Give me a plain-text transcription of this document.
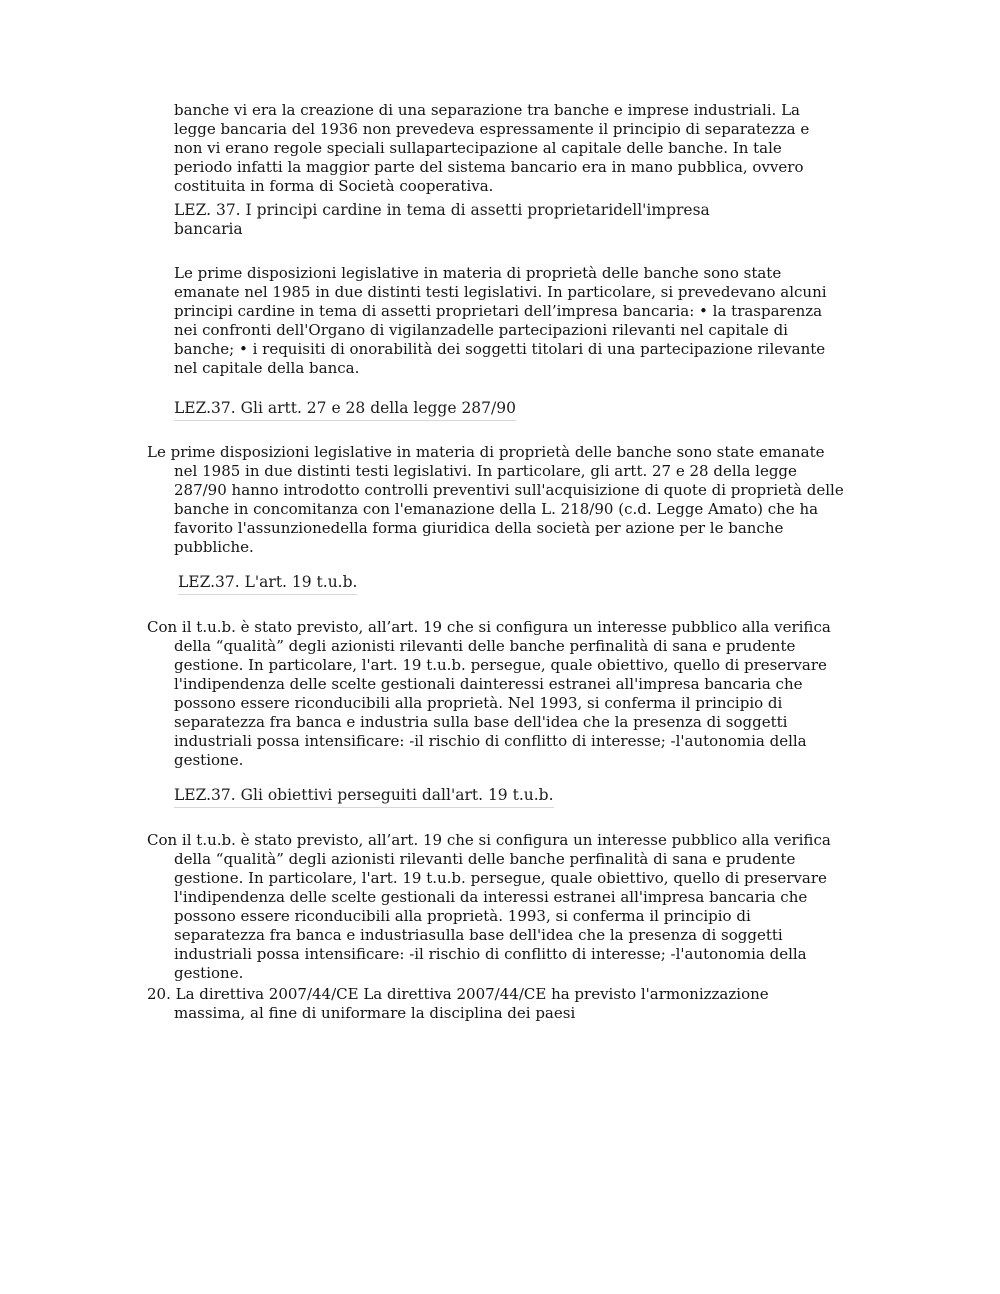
banche vi era la creazione di una separazione tra banche e imprese industriali. La legge bancaria del 1936 non prevedeva espressamente il principio di separatezza e non vi erano regole speciali sullapartecipazione al capitale delle banche. In tale periodo infatti la maggior parte del sistema bancario era in mano pubblica, ovvero costituita in forma di Società cooperativa.
LEZ. 37. I principi cardine in tema di assetti proprietaridell'impresa bancaria
Le prime disposizioni legislative in materia di proprietà delle banche sono state emanate nel 1985 in due distinti testi legislativi. In particolare, si prevedevano alcuni principi cardine in tema di assetti proprietari dell’impresa bancaria: • la trasparenza nei confronti dell'Organo di vigilanzadelle partecipazioni rilevanti nel capitale di banche; • i requisiti di onorabilità dei soggetti titolari di una partecipazione rilevante nel capitale della banca.
LEZ.37. Gli artt. 27 e 28 della legge 287/90
Le prime disposizioni legislative in materia di proprietà delle banche sono state emanate nel 1985 in due distinti testi legislativi. In particolare, gli artt. 27 e 28 della legge 287/90 hanno introdotto controlli preventivi sull'acquisizione di quote di proprietà delle banche in concomitanza con l'emanazione della L. 218/90 (c.d. Legge Amato) che ha favorito l'assunzionedella forma giuridica della società per azione per le banche pubbliche.
LEZ.37. L'art. 19 t.u.b.
Con il t.u.b. è stato previsto, all’art. 19 che si configura un interesse pubblico alla verifica della “qualità” degli azionisti rilevanti delle banche perfinalità di sana e prudente gestione. In particolare, l'art. 19 t.u.b. persegue, quale obiettivo, quello di preservare l'indipendenza delle scelte gestionali dainteressi estranei all'impresa bancaria che possono essere riconducibili alla proprietà. Nel 1993, si conferma il principio di separatezza fra banca e industria sulla base dell'idea che la presenza di soggetti industriali possa intensificare: -il rischio di conflitto di interesse; -l'autonomia della gestione.
LEZ.37. Gli obiettivi perseguiti dall'art. 19 t.u.b.
Con il t.u.b. è stato previsto, all’art. 19 che si configura un interesse pubblico alla verifica della “qualità” degli azionisti rilevanti delle banche perfinalità di sana e prudente gestione. In particolare, l'art. 19 t.u.b. persegue, quale obiettivo, quello di preservare l'indipendenza delle scelte gestionali da interessi estranei all'impresa bancaria che possono essere riconducibili alla proprietà. 1993, si conferma il principio di separatezza fra banca e industriasulla base dell'idea che la presenza di soggetti industriali possa intensificare: -il rischio di conflitto di interesse; -l'autonomia della gestione.
20. La direttiva 2007/44/CE La direttiva 2007/44/CE ha previsto l'armonizzazione massima, al fine di uniformare la disciplina dei paesi
